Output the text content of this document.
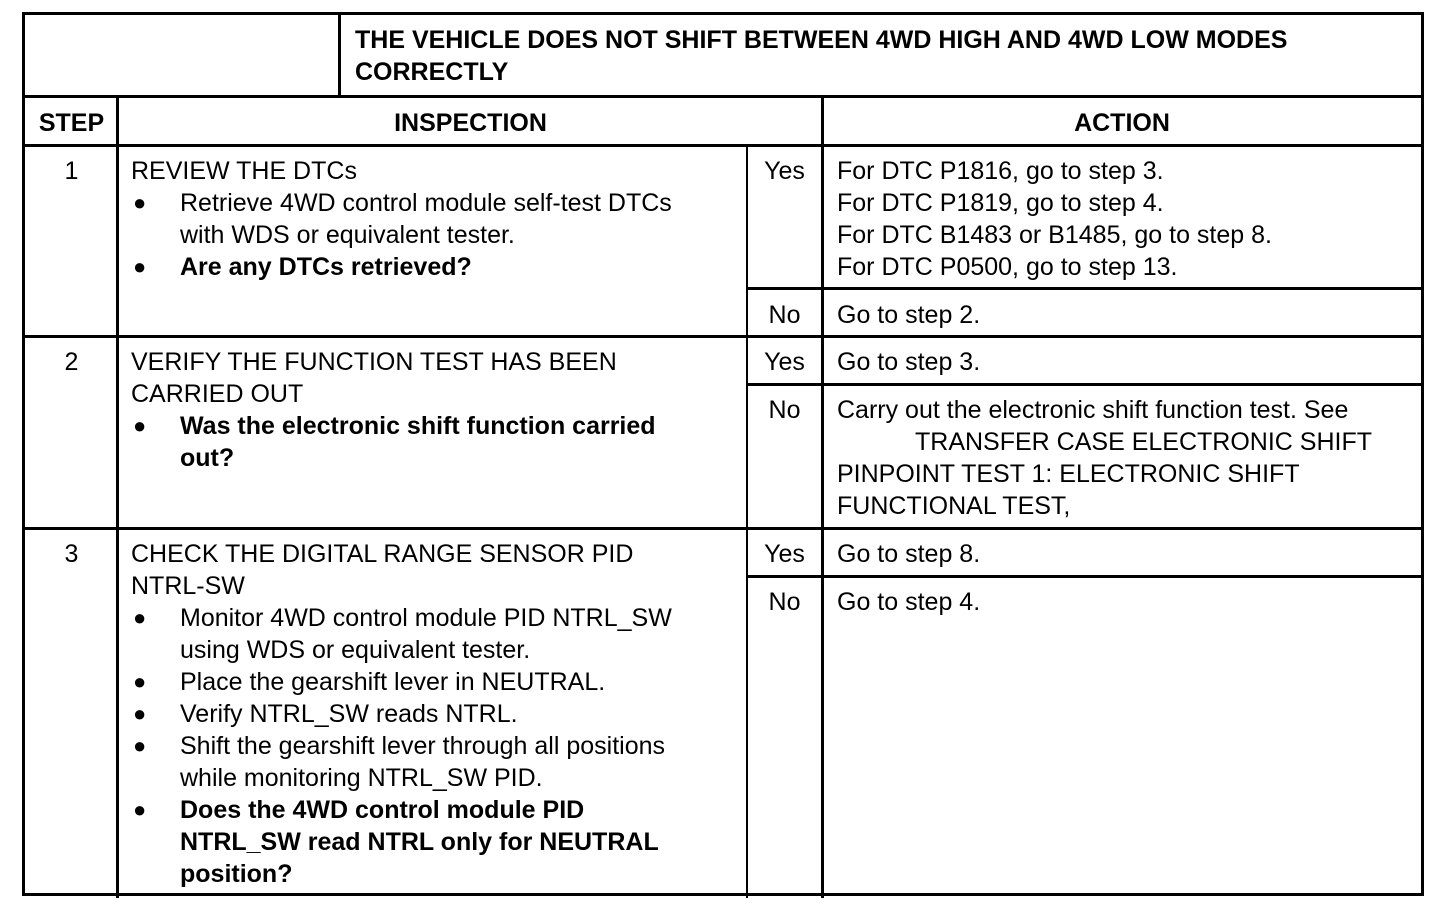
THE VEHICLE DOES NOT SHIFT BETWEEN 4WD HIGH AND 4WD LOW MODES
CORRECTLY
STEP	INSPECTION	ACTION
1	REVIEW THE DTCs
● Retrieve 4WD control module self-test DTCs
with WDS or equivalent tester.
● Are any DTCs retrieved?
Yes	For DTC P1816, go to step 3.
For DTC P1819, go to step 4.
For DTC B1483 or B1485, go to step 8.
For DTC P0500, go to step 13.
No	Go to step 2.
2	VERIFY THE FUNCTION TEST HAS BEEN
CARRIED OUT
● Was the electronic shift function carried
out?
Yes	Go to step 3.
No	Carry out the electronic shift function test. See
TRANSFER CASE ELECTRONIC SHIFT
PINPOINT TEST 1: ELECTRONIC SHIFT
FUNCTIONAL TEST,
3	CHECK THE DIGITAL RANGE SENSOR PID
NTRL-SW
● Monitor 4WD control module PID NTRL_SW
using WDS or equivalent tester.
● Place the gearshift lever in NEUTRAL.
● Verify NTRL_SW reads NTRL.
● Shift the gearshift lever through all positions
while monitoring NTRL_SW PID.
● Does the 4WD control module PID
NTRL_SW read NTRL only for NEUTRAL
position?
Yes	Go to step 8.
No	Go to step 4.
